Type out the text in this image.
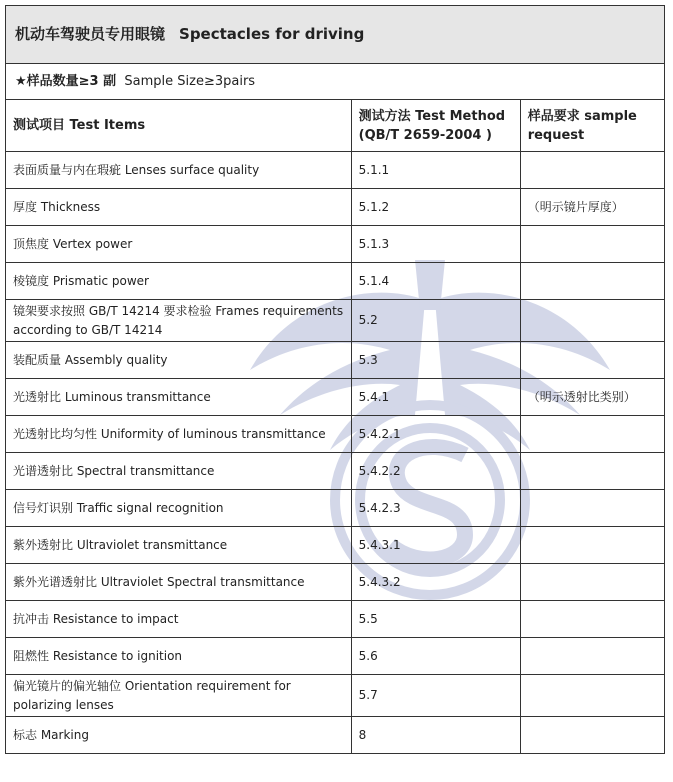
机动车驾驶员专用眼镜 Spectacles for driving		
★样品数量≥3 副 Sample Size≥3pairs		
测试项目 Test Items	测试方法 Test Method (QB/T 2659-2004 )	样品要求 sample request
表面质量与内在瑕疵 Lenses surface quality	5.1.1	
厚度 Thickness	5.1.2	（明示镜片厚度）
顶焦度 Vertex power	5.1.3	
棱镜度 Prismatic power	5.1.4	
镜架要求按照 GB/T 14214 要求检验 Frames requirements according to GB/T 14214	5.2	
装配质量 Assembly quality	5.3	
光透射比 Luminous transmittance	5.4.1	（明示透射比类别）
光透射比均匀性 Uniformity of luminous transmittance	5.4.2.1	
光谱透射比 Spectral transmittance	5.4.2.2	
信号灯识别 Traffic signal recognition	5.4.2.3	
紫外透射比 Ultraviolet transmittance	5.4.3.1	
紫外光谱透射比 Ultraviolet Spectral transmittance	5.4.3.2	
抗冲击 Resistance to impact	5.5	
阻燃性 Resistance to ignition	5.6	
偏光镜片的偏光轴位 Orientation requirement for polarizing lenses	5.7	
标志 Marking	8	
